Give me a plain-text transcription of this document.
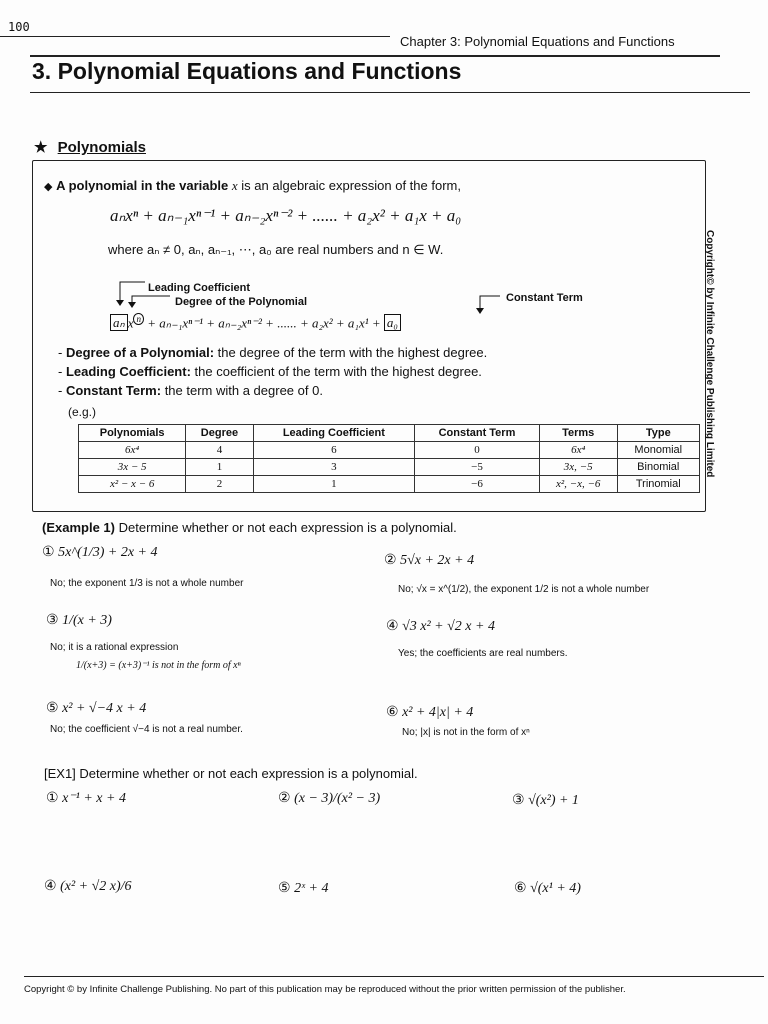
100
Chapter 3: Polynomial Equations and Functions
3. Polynomial Equations and Functions
★ Polynomials
◆ A polynomial in the variable x is an algebraic expression of the form,
aₙxⁿ + aₙ₋₁xⁿ⁻¹ + aₙ₋₂xⁿ⁻² + ...... + a₂x² + a₁x + a₀
where aₙ ≠ 0, aₙ, aₙ₋₁, ⋯, a₀ are real numbers and n ∈ W.
Leading Coefficient
Degree of the Polynomial	Constant Term
aₙ x $^n$ + aₙ₋₁xⁿ⁻¹ + aₙ₋₂xⁿ⁻² + ...... + a₂x² + a₁x¹ + a₀
- Degree of a Polynomial: the degree of the term with the highest degree.
- Leading Coefficient: the coefficient of the term with the highest degree.
- Constant Term: the term with a degree of 0.
(e.g.)
Polynomials	Degree	Leading Coefficient	Constant Term	Terms	Type
6x⁴	4	6	0	6x⁴	Monomial
3x − 5	1	3	−5	3x, −5	Binomial
x² − x − 6	2	1	−6	x², −x, −6	Trinomial
Copyright© by Infinite Challenge Publishing Limited
(Example 1) Determine whether or not each expression is a polynomial.
① 5x^(1/3) + 2x + 4
No; the exponent 1/3 is not a whole number
② 5√x + 2x + 4
No; √x = x^(1/2), the exponent 1/2 is not a whole number
③ 1/(x + 3)
No; it is a rational expression
1/(x+3) = (x+3)⁻¹ is not in the form of xⁿ
④ √3 x² + √2 x + 4
Yes; the coefficients are real numbers.
⑤ x² + √−4 x + 4
No; the coefficient √−4 is not a real number.
⑥ x² + 4|x| + 4
No; |x| is not in the form of xⁿ
[EX1] Determine whether or not each expression is a polynomial.
① x⁻¹ + x + 4	② (x − 3)/(x² − 3)	③ √(x²) + 1
④ (x² + √2 x)/6	⑤ 2ˣ + 4	⑥ √(x¹ + 4)
Copyright © by Infinite Challenge Publishing. No part of this publication may be reproduced without the prior written permission of the publisher.
